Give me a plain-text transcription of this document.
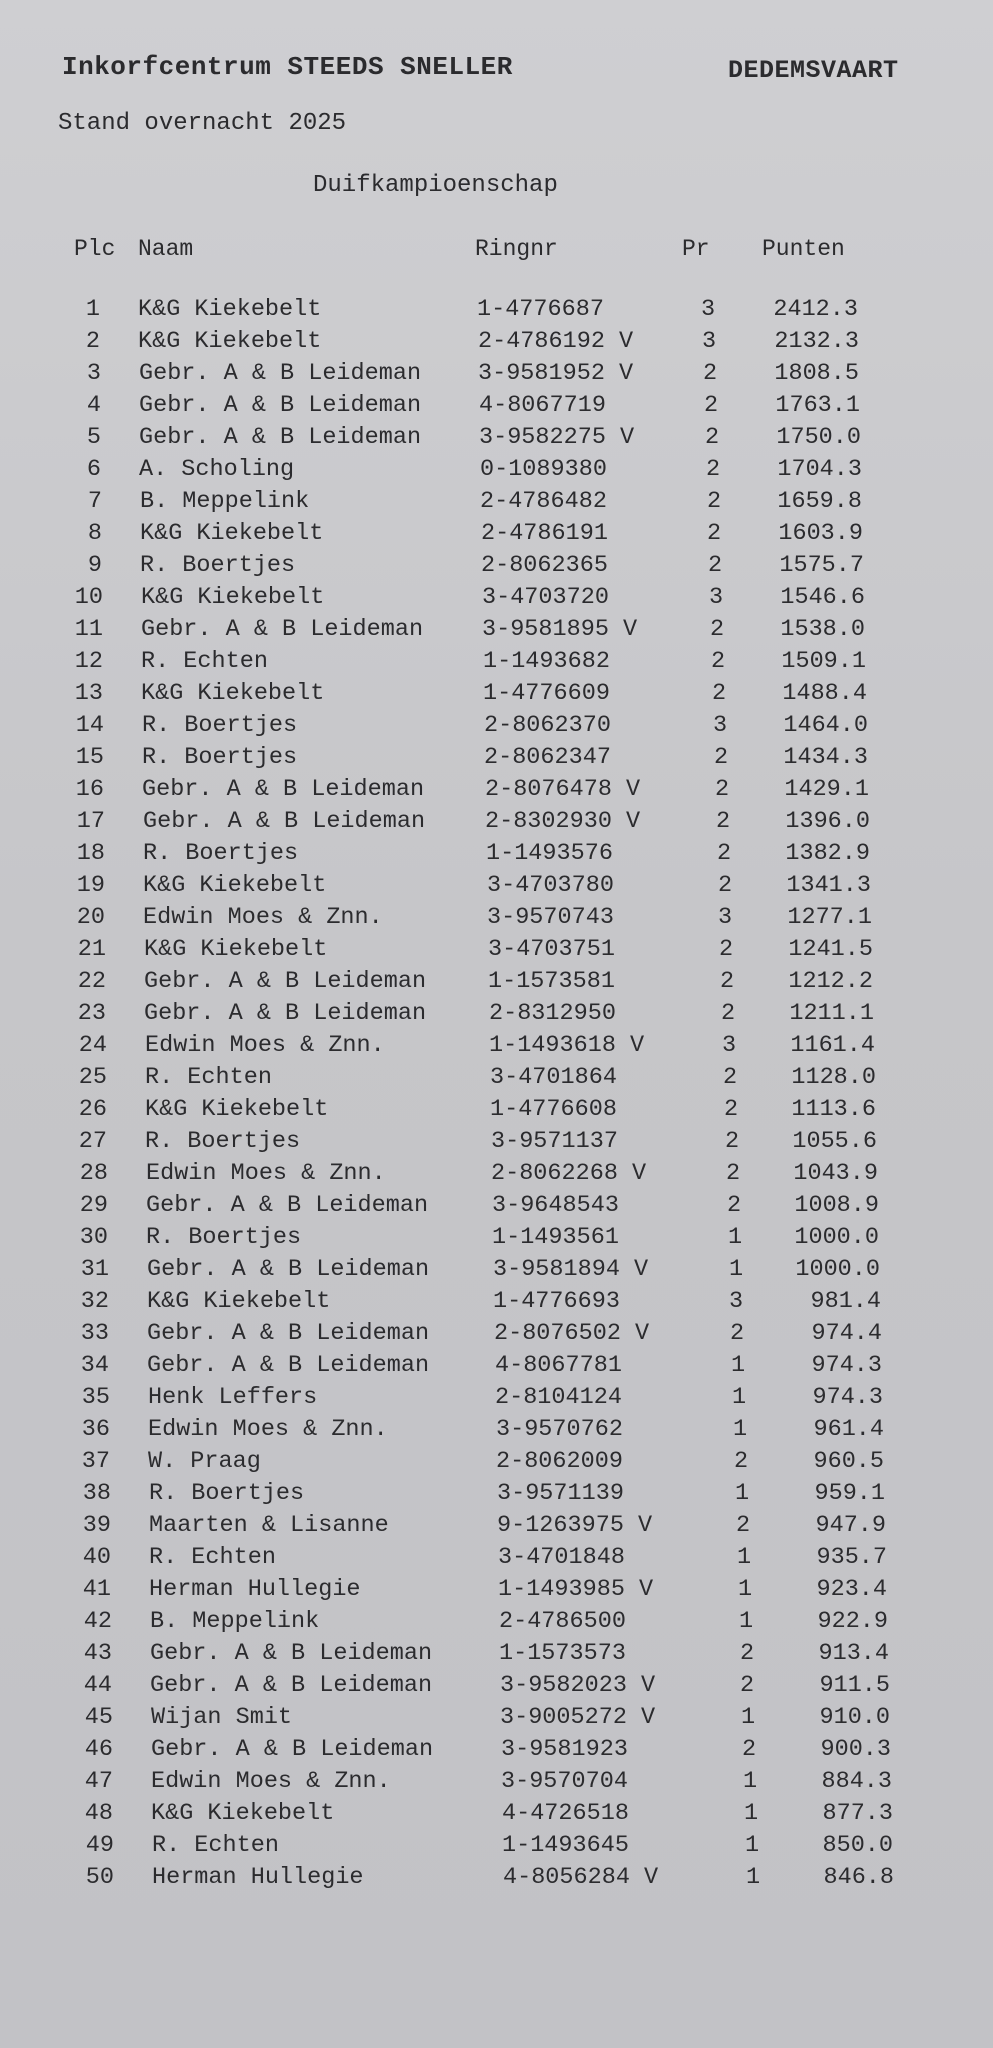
Inkorfcentrum STEEDS SNELLER	DEDEMSVAART
Stand overnacht 2025
Duifkampioenschap
Plc Naam	Ringnr	Pr Punten
1 K&G Kiekebelt	1-4776687	3	2412.3
2 K&G Kiekebelt	2-4786192 V	3	2132.3
3 Gebr. A & B Leideman 3-9581952 V	2	1808.5
4 Gebr. A & B Leideman 4-8067719	2	1763.1
5 Gebr. A & B Leideman 3-9582275 V	2	1750.0
6 A. Scholing	0-1089380	2	1704.3
7 B. Meppelink	2-4786482	2	1659.8
8 K&G Kiekebelt	2-4786191	2	1603.9
9 R. Boertjes	2-8062365	2	1575.7
10 K&G Kiekebelt	3-4703720	3	1546.6
11 Gebr. A & B Leideman	3-9581895 V	2	1538.0
12 R. Echten	1-1493682	2	1509.1
13 K&G Kiekebelt	1-4776609	2	1488.4
14 R. Boertjes	2-8062370	3	1464.0
15 R. Boertjes	2-8062347	2	1434.3
16 Gebr. A & B Leideman	2-8076478 V	2	1429.1
17 Gebr. A & B Leideman	2-8302930 V	2	1396.0
18 R. Boertjes	1-1493576	2	1382.9
19 K&G Kiekebelt	3-4703780	2	1341.3
20 Edwin Moes & Znn.	3-9570743	3	1277.1
21 K&G Kiekebelt	3-4703751	2	1241.5
22 Gebr. A & B Leideman	1-1573581	2	1212.2
23 Gebr. A & B Leideman	2-8312950	2	1211.1
24 Edwin Moes & Znn.	1-1493618 V	3	1161.4
25 R. Echten	3-4701864	2	1128.0
26 K&G Kiekebelt	1-4776608	2	1113.6
27 R. Boertjes	3-9571137	2	1055.6
28 Edwin Moes & Znn.	2-8062268 V	2	1043.9
29 Gebr. A & B Leideman	3-9648543	2	1008.9
30 R. Boertjes	1-1493561	1	1000.0
31 Gebr. A & B Leideman	3-9581894 V	1	1000.0
32 K&G Kiekebelt	1-4776693	3	981.4
33 Gebr. A & B Leideman	2-8076502 V	2	974.4
34 Gebr. A & B Leideman	4-8067781	1	974.3
35 Henk Leffers	2-8104124	1	974.3
36 Edwin Moes & Znn.	3-9570762	1	961.4
37 W. Praag	2-8062009	2	960.5
38 R. Boertjes	3-9571139	1	959.1
39 Maarten & Lisanne	9-1263975 V	2	947.9
40 R. Echten	3-4701848	1	935.7
41 Herman Hullegie	1-1493985 V	1	923.4
42 B. Meppelink	2-4786500	1	922.9
43 Gebr. A & B Leideman	1-1573573	2	913.4
44 Gebr. A & B Leideman	3-9582023 V	2	911.5
45 Wijan Smit	3-9005272 V	1	910.0
46 Gebr. A & B Leideman	3-9581923	2	900.3
47 Edwin Moes & Znn.	3-9570704	1	884.3
48 K&G Kiekebelt	4-4726518	1	877.3
49 R. Echten	1-1493645	1	850.0
50 Herman Hullegie	4-8056284 V	1	846.8
